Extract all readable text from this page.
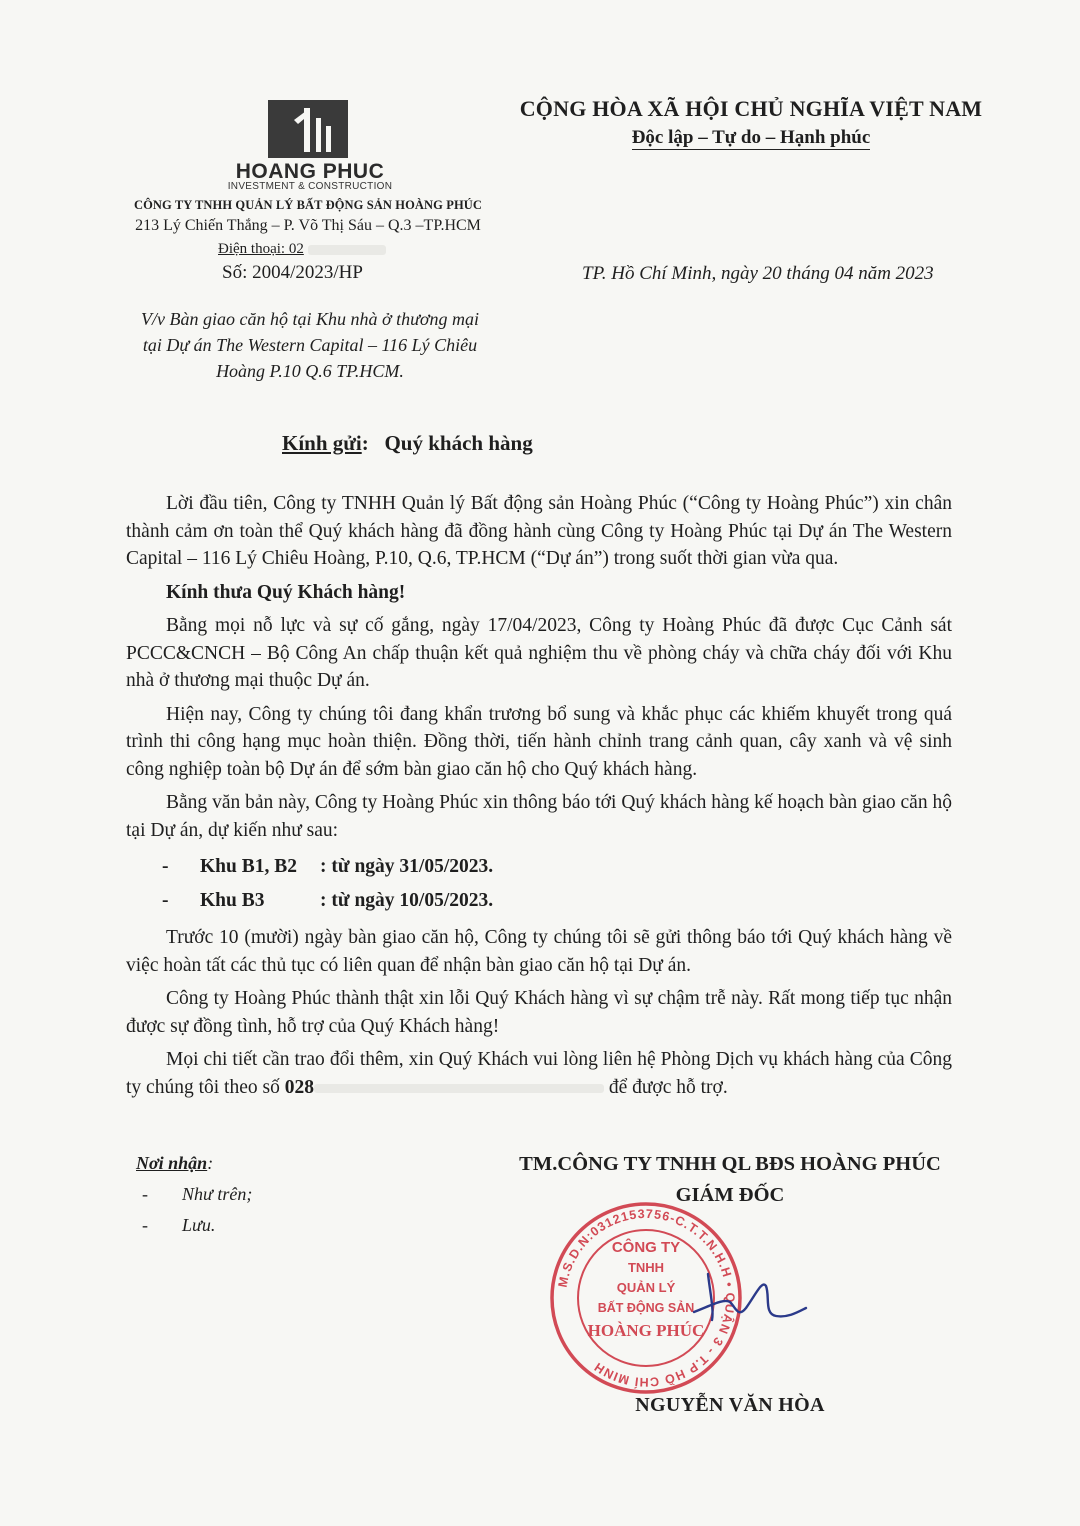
HOANG PHUC
INVESTMENT & CONSTRUCTION
CÔNG TY TNHH QUẢN LÝ BẤT ĐỘNG SẢN HOÀNG PHÚC
213 Lý Chiến Thắng – P. Võ Thị Sáu – Q.3 –TP.HCM
Điện thoại: 02
Số: 2004/2023/HP
V/v Bàn giao căn hộ tại Khu nhà ở thương mại
tại Dự án The Western Capital – 116 Lý Chiêu
Hoàng P.10 Q.6 TP.HCM.
CỘNG HÒA XÃ HỘI CHỦ NGHĨA VIỆT NAM
Độc lập – Tự do – Hạnh phúc
TP. Hồ Chí Minh, ngày 20 tháng 04 năm 2023
Kính gửi:   Quý khách hàng

Lời đầu tiên, Công ty TNHH Quản lý Bất động sản Hoàng Phúc (“Công ty Hoàng Phúc”) xin chân thành cảm ơn toàn thể Quý khách hàng đã đồng hành cùng Công ty Hoàng Phúc tại Dự án The Western Capital – 116 Lý Chiêu Hoàng, P.10, Q.6, TP.HCM (“Dự án”) trong suốt thời gian vừa qua.

Kính thưa Quý Khách hàng!

Bằng mọi nỗ lực và sự cố gắng, ngày 17/04/2023, Công ty Hoàng Phúc đã được Cục Cảnh sát PCCC&CNCH – Bộ Công An chấp thuận kết quả nghiệm thu về phòng cháy và chữa cháy đối với Khu nhà ở thương mại thuộc Dự án.

Hiện nay, Công ty chúng tôi đang khẩn trương bổ sung và khắc phục các khiếm khuyết trong quá trình thi công hạng mục hoàn thiện. Đồng thời, tiến hành chỉnh trang cảnh quan, cây xanh và vệ sinh công nghiệp toàn bộ Dự án để sớm bàn giao căn hộ cho Quý khách hàng.

Bằng văn bản này, Công ty Hoàng Phúc xin thông báo tới Quý khách hàng kế hoạch bàn giao căn hộ tại Dự án, dự kiến như sau:

-	Khu B1, B2	: từ ngày 31/05/2023.
-	Khu B3	: từ ngày 10/05/2023.

Trước 10 (mười) ngày bàn giao căn hộ, Công ty chúng tôi sẽ gửi thông báo tới Quý khách hàng về việc hoàn tất các thủ tục có liên quan để nhận bàn giao căn hộ tại Dự án.

Công ty Hoàng Phúc thành thật xin lỗi Quý Khách hàng vì sự chậm trễ này. Rất mong tiếp tục nhận được sự đồng tình, hỗ trợ của Quý Khách hàng!

Mọi chi tiết cần trao đổi thêm, xin Quý Khách vui lòng liên hệ Phòng Dịch vụ khách hàng của Công ty chúng tôi theo số 028	để được hỗ trợ.

Nơi nhận:
-	Như trên;
-	Lưu.
TM.CÔNG TY TNHH QL BĐS HOÀNG PHÚC
GIÁM ĐỐC
M.S.D.N:0312153756-C.T.T.N.H.H • QUẬN 3 - T.P HỒ CHÍ MINH
CÔNG TY
TNHH
QUẢN LÝ
BẤT ĐỘNG SẢN
HOÀNG PHÚC
NGUYỄN VĂN HÒA
